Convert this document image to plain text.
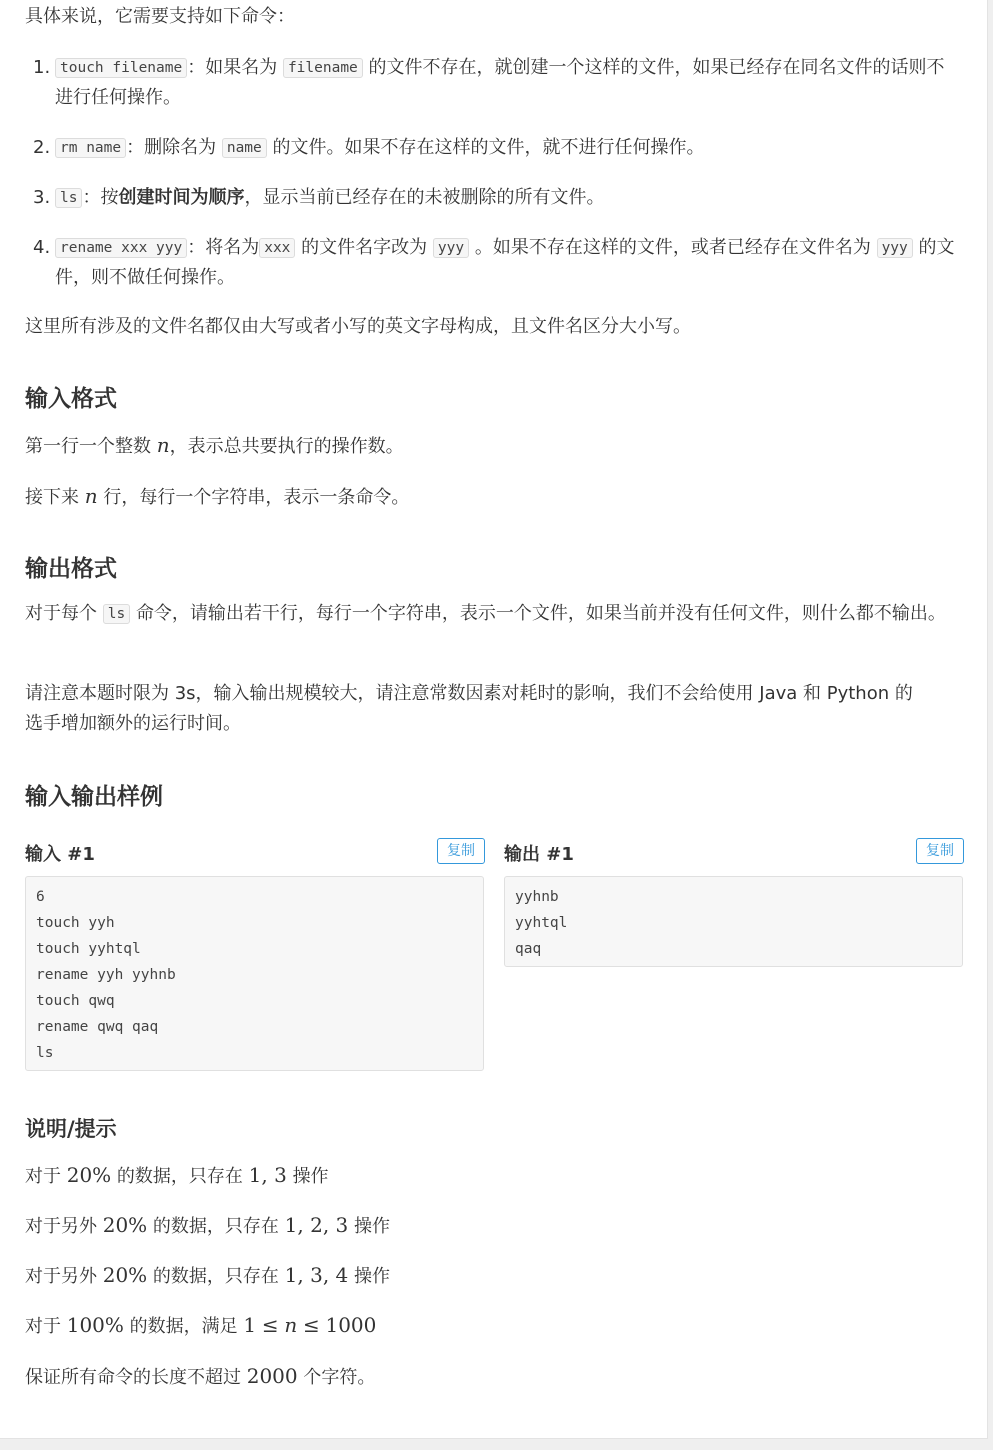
具体来说，它需要支持如下命令：

1. touch filename ：如果名为 filename 的文件不存在，就创建一个这样的文件，如果已经存在同名文件的话则不进行任何操作。
2. rm name ：删除名为 name 的文件。如果不存在这样的文件，就不进行任何操作。
3. ls ：按创建时间为顺序，显示当前已经存在的未被删除的所有文件。
4. rename xxx yyy ：将名为 xxx 的文件名字改为 yyy 。如果不存在这样的文件，或者已经存在文件名为 yyy 的文件，则不做任何操作。

这里所有涉及的文件名都仅由大写或者小写的英文字母构成，且文件名区分大小写。

输入格式

第一行一个整数 n，表示总共要执行的操作数。

接下来 n 行，每行一个字符串，表示一条命令。

输出格式

对于每个 ls 命令，请输出若干行，每行一个字符串，表示一个文件，如果当前并没有任何文件，则什么都不输出。

请注意本题时限为 3s，输入输出规模较大，请注意常数因素对耗时的影响，我们不会给使用 Java 和 Python 的选手增加额外的运行时间。

输入输出样例
输入 #1	复制
6
touch yyh
touch yyhtql
rename yyh yyhnb
touch qwq
rename qwq qaq
ls
输出 #1	复制
yyhnb
yyhtql
qaq
说明/提示

对于 20% 的数据，只存在 1, 3 操作

对于另外 20% 的数据，只存在 1, 2, 3 操作

对于另外 20% 的数据，只存在 1, 3, 4 操作

对于 100% 的数据，满足 1 ≤ n ≤ 1000

保证所有命令的长度不超过 2000 个字符。
